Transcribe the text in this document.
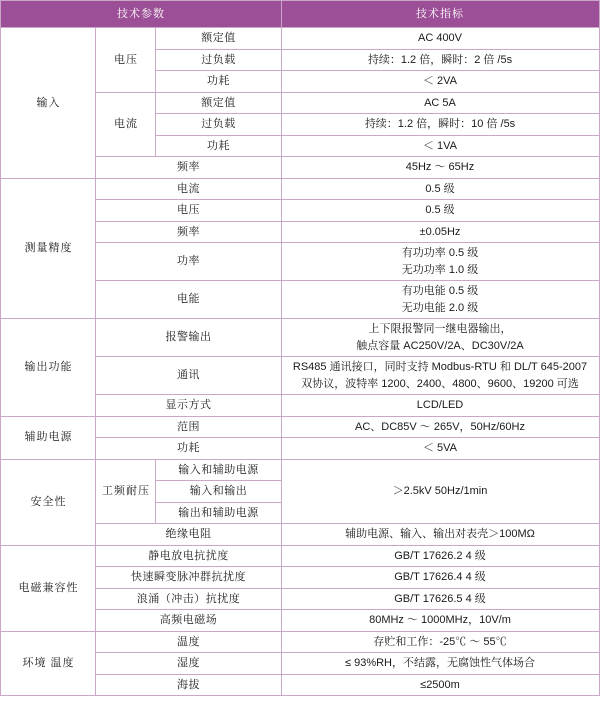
技术参数			技术指标
输入	电压	额定值	AC 400V
		过负载	持续：1.2 倍，瞬时：2 倍 /5s
		功耗	＜ 2VA
	电流	额定值	AC 5A
		过负载	持续：1.2 倍，瞬时：10 倍 /5s
		功耗	＜ 1VA
	频率		45Hz ～ 65Hz
测量精度	电流		0.5 级
	电压		0.5 级
	频率		±0.05Hz
	功率		有功功率 0.5 级
无功功率 1.0 级

	电能		有功电能 0.5 级
无功电能 2.0 级

输出功能	报警输出		上下限报警同一继电器输出，
触点容量 AC250V/2A、DC30V/2A

	通讯		RS485 通讯接口，同时支持 Modbus-RTU 和 DL/T 645-2007
双协议，波特率 1200、2400、4800、9600、19200 可选

	显示方式		LCD/LED
辅助电源	范围		AC、DC85V ～ 265V，50Hz/60Hz
	功耗		＜ 5VA
安全性	工频耐压	输入和辅助电源	＞2.5kV 50Hz/1min
		输入和输出	
		输出和辅助电源	
	绝缘电阻		辅助电源、输入、输出对表壳＞100MΩ
电磁兼容性	静电放电抗扰度		GB/T 17626.2 4 级
	快速瞬变脉冲群抗扰度		GB/T 17626.4 4 级
	浪涌（冲击）抗扰度		GB/T 17626.5 4 级
	高频电磁场		80MHz ～ 1000MHz，10V/m
环境 温度	温度		存贮和工作：-25℃ ～ 55℃
	湿度		≤ 93%RH，不结露，无腐蚀性气体场合
	海拔		≤2500m
